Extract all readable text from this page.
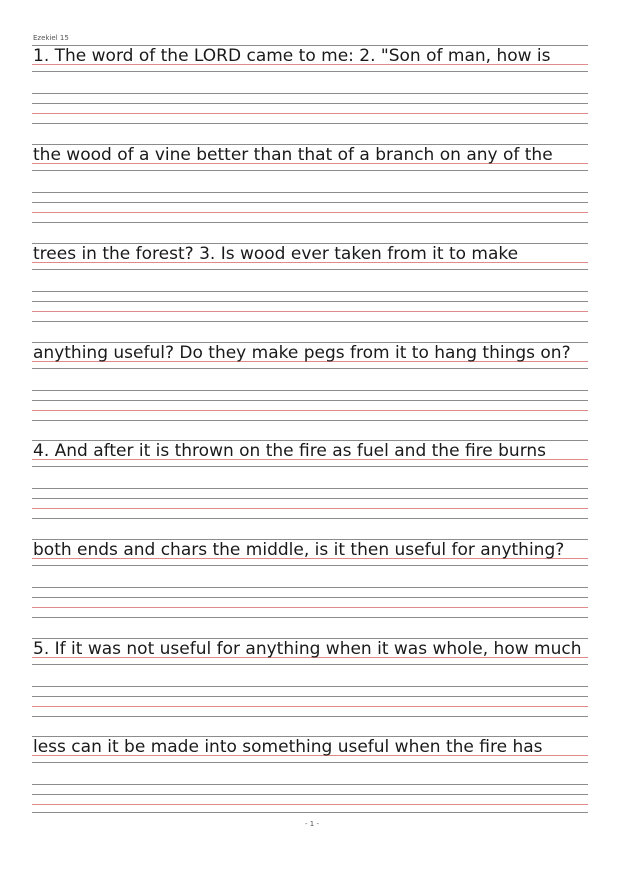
Ezekiel 15
1. The word of the LORD came to me: 2. "Son of man, how is
the wood of a vine better than that of a branch on any of the
trees in the forest? 3. Is wood ever taken from it to make
anything useful? Do they make pegs from it to hang things on?
4. And after it is thrown on the fire as fuel and the fire burns
both ends and chars the middle, is it then useful for anything?
5. If it was not useful for anything when it was whole, how much
less can it be made into something useful when the fire has
- 1 -
